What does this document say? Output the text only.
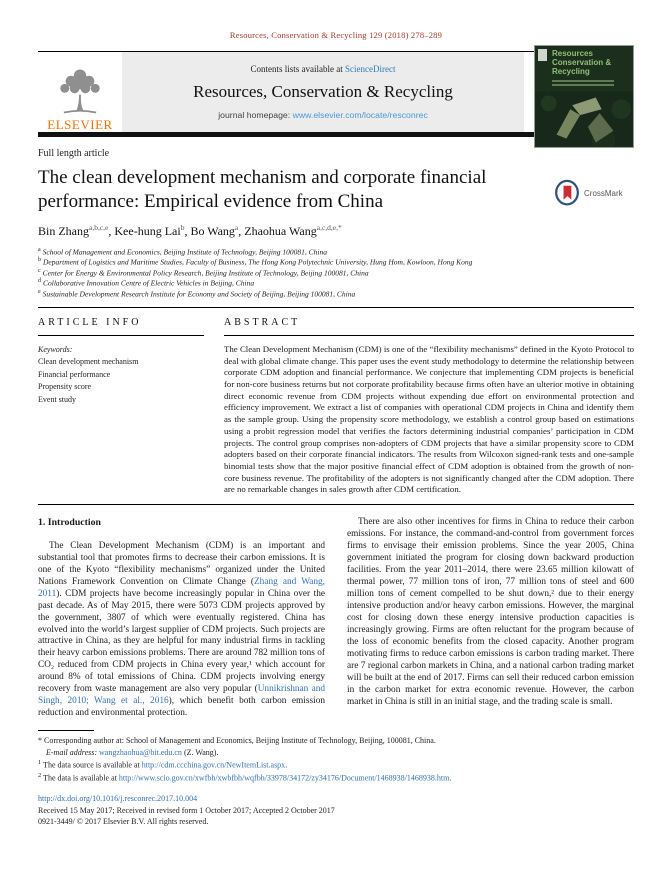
Resources, Conservation & Recycling 129 (2018) 278–289
ELSEVIER
Contents lists available at ScienceDirect
Resources, Conservation & Recycling
journal homepage: www.elsevier.com/locate/resconrec
Resources
Conservation &
Recycling
Full length article
The clean development mechanism and corporate financial performance: Empirical evidence from China	CrossMark
Bin Zhang$^{a,b,c,e}$, Kee-hung Lai$^b$, Bo Wang$^a$, Zhaohua Wang$^{a,c,d,e,*}$
$^a$ School of Management and Economics, Beijing Institute of Technology, Beijing 100081, China
$^b$ Department of Logistics and Maritime Studies, Faculty of Business, The Hong Kong Polytechnic University, Hung Hom, Kowloon, Hong Kong
$^c$ Center for Energy & Environmental Policy Research, Beijing Institute of Technology, Beijing 100081, China
$^d$ Collaborative Innovation Centre of Electric Vehicles in Beijing, China
$^e$ Sustainable Development Research Institute for Economy and Society of Beijing, Beijing 100081, China
ARTICLE INFO
Keywords:
Clean development mechanism
Financial performance
Propensity score
Event study
ABSTRACT
The Clean Development Mechanism (CDM) is one of the “flexibility mechanisms” defined in the Kyoto Protocol to deal with global climate change. This paper uses the event study methodology to determine the relationship between corporate CDM adoption and financial performance. We conjecture that implementing CDM projects is beneficial for non-core business returns but not corporate profitability because firms often have an ulterior motive in obtaining direct economic revenue from CDM projects without expending due effort on environmental protection and efficiency improvement. We extract a list of companies with operational CDM projects in China and identify them as the sample group. Using the propensity score methodology, we establish a control group based on estimations using a probit regression model that verifies the factors determining industrial companies’ participation in CDM projects. The control group comprises non-adopters of CDM projects that have a similar propensity score to CDM adopters based on their corporate financial indicators. The results from Wilcoxon signed-rank tests and one-sample binomial tests show that the major positive financial effect of CDM adoption is obtained from the growth of non-core business revenue. The profitability of the adopters is not significantly changed after the CDM adoption. There are no remarkable changes in sales growth after CDM certification.
1. Introduction
The Clean Development Mechanism (CDM) is an important and substantial tool that promotes firms to decrease their carbon emissions. It is one of the Kyoto “flexibility mechanisms” organized under the United Nations Framework Convention on Climate Change (Zhang and Wang, 2011). CDM projects have become increasingly popular in China over the past decade. As of May 2015, there were 5073 CDM projects approved by the government, 3807 of which were eventually registered. China has evolved into the world’s largest supplier of CDM projects. Such projects are attractive in China, as they are helpful for many industrial firms in tackling their heavy carbon emissions problems. There are around 782 million tons of CO₂ reduced from CDM projects in China every year,¹ which account for around 8% of total emissions of China. CDM projects involving energy recovery from waste management are also very popular (Unnikrishnan and Singh, 2010; Wang et al., 2016), which benefit both carbon emission reduction and environmental protection.
There are also other incentives for firms in China to reduce their carbon emissions. For instance, the command-and-control from government forces firms to envisage their emission problems. Since the year 2005, China government initiated the program for closing down backward production facilities. From the year 2011–2014, there were 23.65 million kilowatt of thermal power, 77 million tons of iron, 77 million tons of steel and 600 million tons of cement compelled to be shut down,² due to their energy intensive production and/or heavy carbon emissions. However, the marginal cost for closing down these energy intensive production capacities is increasingly growing. Firms are often reluctant for the program because of the loss of economic benefits from the closed capacity. Another program motivating firms to reduce carbon emissions is carbon trading market. There are 7 regional carbon markets in China, and a national carbon trading market will be built at the end of 2017. Firms can sell their reduced carbon emission in the carbon market for extra economic revenue. However, the carbon market in China is still in an initial stage, and the trading scale is small.
* Corresponding author at: School of Management and Economics, Beijing Institute of Technology, Beijing, 100081, China.
E-mail address: wangzhaohua@bit.edu.cn (Z. Wang).
$^1$ The data source is available at http://cdm.ccchina.gov.cn/NewItemList.aspx.
$^2$ The data is available at http://www.scio.gov.cn/xwfbh/xwbfbh/wqfbh/33978/34172/zy34176/Document/1468938/1468938.htm.
http://dx.doi.org/10.1016/j.resconrec.2017.10.004
Received 15 May 2017; Received in revised form 1 October 2017; Accepted 2 October 2017
0921-3449/ © 2017 Elsevier B.V. All rights reserved.
